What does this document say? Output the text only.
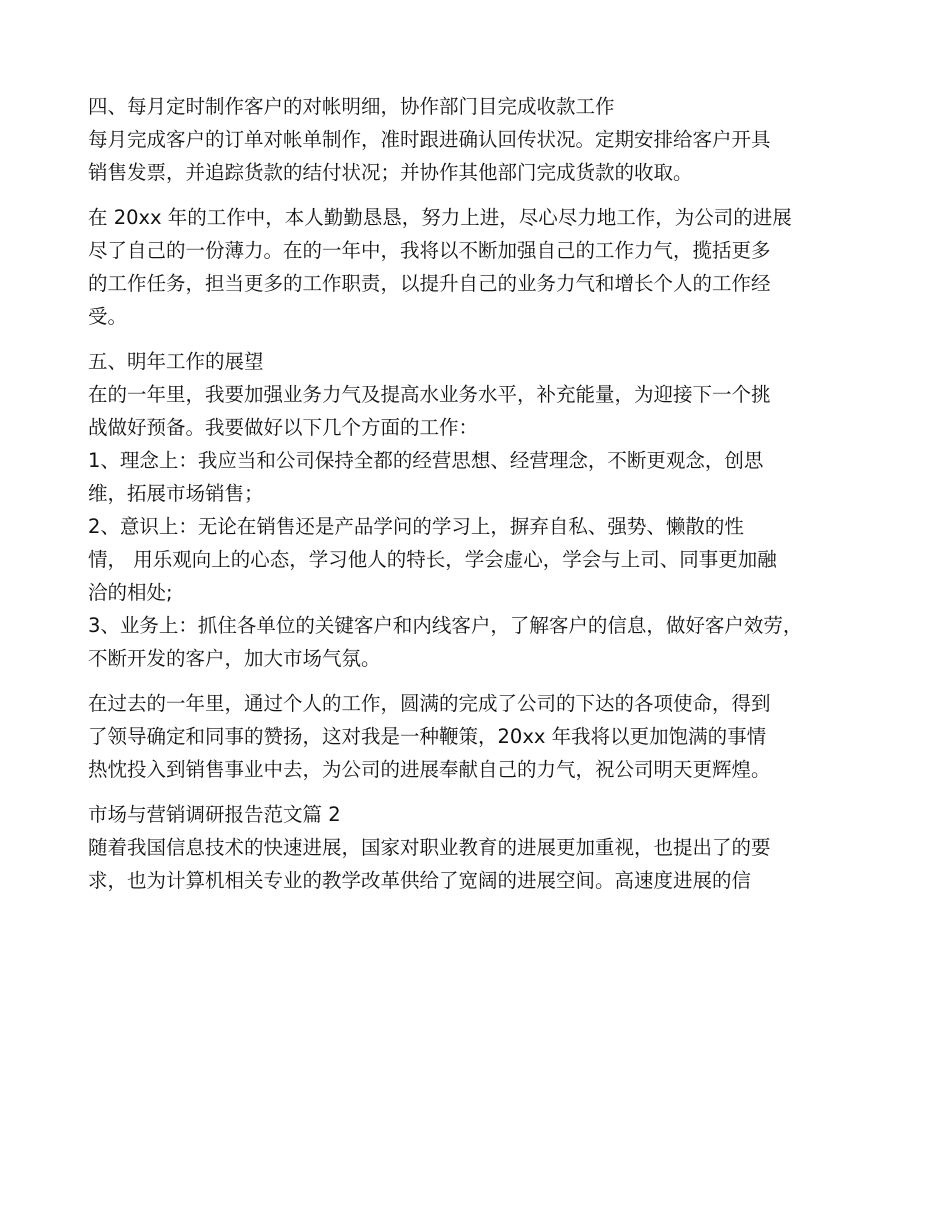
四、每月定时制作客户的对帐明细，协作部门目完成收款工作
每月完成客户的订单对帐单制作，准时跟进确认回传状况。定期安排给客户开具
销售发票，并追踪货款的结付状况；并协作其他部门完成货款的收取。
在 20xx 年的工作中，本人勤勤恳恳，努力上进，尽心尽力地工作，为公司的进展
尽了自己的一份薄力。在的一年中，我将以不断加强自己的工作力气，揽括更多
的工作任务，担当更多的工作职责，以提升自己的业务力气和增长个人的工作经
受。
五、明年工作的展望
在的一年里，我要加强业务力气及提高水业务水平，补充能量，为迎接下一个挑
战做好预备。我要做好以下几个方面的工作：
1、理念上：我应当和公司保持全都的经营思想、经营理念，不断更观念，创思
维，拓展市场销售；
2、意识上：无论在销售还是产品学问的学习上，摒弃自私、强势、懒散的性
情， 用乐观向上的心态，学习他人的特长，学会虚心，学会与上司、同事更加融
洽的相处;
3、业务上：抓住各单位的关键客户和内线客户，了解客户的信息，做好客户效劳，
不断开发的客户，加大市场气氛。
在过去的一年里，通过个人的工作，圆满的完成了公司的下达的各项使命，得到
了领导确定和同事的赞扬，这对我是一种鞭策，20xx 年我将以更加饱满的事情
热忱投入到销售事业中去，为公司的进展奉献自己的力气，祝公司明天更辉煌。
市场与营销调研报告范文篇 2
随着我国信息技术的快速进展，国家对职业教育的进展更加重视，也提出了的要
求，也为计算机相关专业的教学改革供给了宽阔的进展空间。高速度进展的信
